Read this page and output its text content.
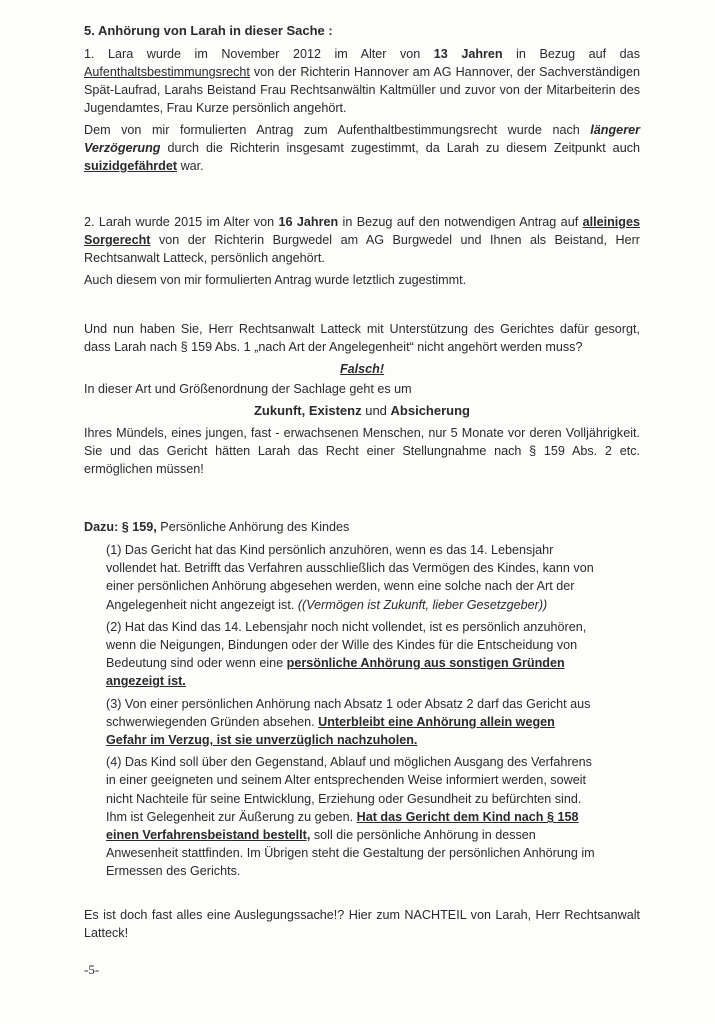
5. Anhörung von Larah in dieser Sache :

1. Lara wurde im November 2012 im Alter von 13 Jahren in Bezug auf das Aufenthaltsbestimmungsrecht von der Richterin Hannover am AG Hannover, der Sachverständigen Spät-Laufrad, Larahs Beistand Frau Rechtsanwältin Kaltmüller und zuvor von der Mitarbeiterin des Jugendamtes, Frau Kurze persönlich angehört.

Dem von mir formulierten Antrag zum Aufenthaltbestimmungsrecht wurde nach längerer Verzögerung durch die Richterin insgesamt zugestimmt, da Larah zu diesem Zeitpunkt auch suizidgefährdet war.

2. Larah wurde 2015 im Alter von 16 Jahren in Bezug auf den notwendigen Antrag auf alleiniges Sorgerecht von der Richterin Burgwedel am AG Burgwedel und Ihnen als Beistand, Herr Rechtsanwalt Latteck, persönlich angehört.

Auch diesem von mir formulierten Antrag wurde letztlich zugestimmt.

Und nun haben Sie, Herr Rechtsanwalt Latteck mit Unterstützung des Gerichtes dafür gesorgt, dass Larah nach § 159 Abs. 1 „nach Art der Angelegenheit“ nicht angehört werden muss?

Falsch!

In dieser Art und Größenordnung der Sachlage geht es um

Zukunft, Existenz und Absicherung

Ihres Mündels, eines jungen, fast - erwachsenen Menschen, nur 5 Monate vor deren Volljährigkeit. Sie und das Gericht hätten Larah das Recht einer Stellungnahme nach § 159 Abs. 2 etc. ermöglichen müssen!

Dazu: § 159, Persönliche Anhörung des Kindes

(1) Das Gericht hat das Kind persönlich anzuhören, wenn es das 14. Lebensjahr vollendet hat. Betrifft das Verfahren ausschließlich das Vermögen des Kindes, kann von einer persönlichen Anhörung abgesehen werden, wenn eine solche nach der Art der Angelegenheit nicht angezeigt ist. ((Vermögen ist Zukunft, lieber Gesetzgeber))

(2) Hat das Kind das 14. Lebensjahr noch nicht vollendet, ist es persönlich anzuhören, wenn die Neigungen, Bindungen oder der Wille des Kindes für die Entscheidung von Bedeutung sind oder wenn eine persönliche Anhörung aus sonstigen Gründen angezeigt ist.

(3) Von einer persönlichen Anhörung nach Absatz 1 oder Absatz 2 darf das Gericht aus schwerwiegenden Gründen absehen. Unterbleibt eine Anhörung allein wegen Gefahr im Verzug, ist sie unverzüglich nachzuholen.

(4) Das Kind soll über den Gegenstand, Ablauf und möglichen Ausgang des Verfahrens in einer geeigneten und seinem Alter entsprechenden Weise informiert werden, soweit nicht Nachteile für seine Entwicklung, Erziehung oder Gesundheit zu befürchten sind. Ihm ist Gelegenheit zur Äußerung zu geben. Hat das Gericht dem Kind nach § 158 einen Verfahrensbeistand bestellt, soll die persönliche Anhörung in dessen Anwesenheit stattfinden. Im Übrigen steht die Gestaltung der persönlichen Anhörung im Ermessen des Gerichts.

Es ist doch fast alles eine Auslegungssache!? Hier zum NACHTEIL von Larah, Herr Rechtsanwalt Latteck!

-5-
